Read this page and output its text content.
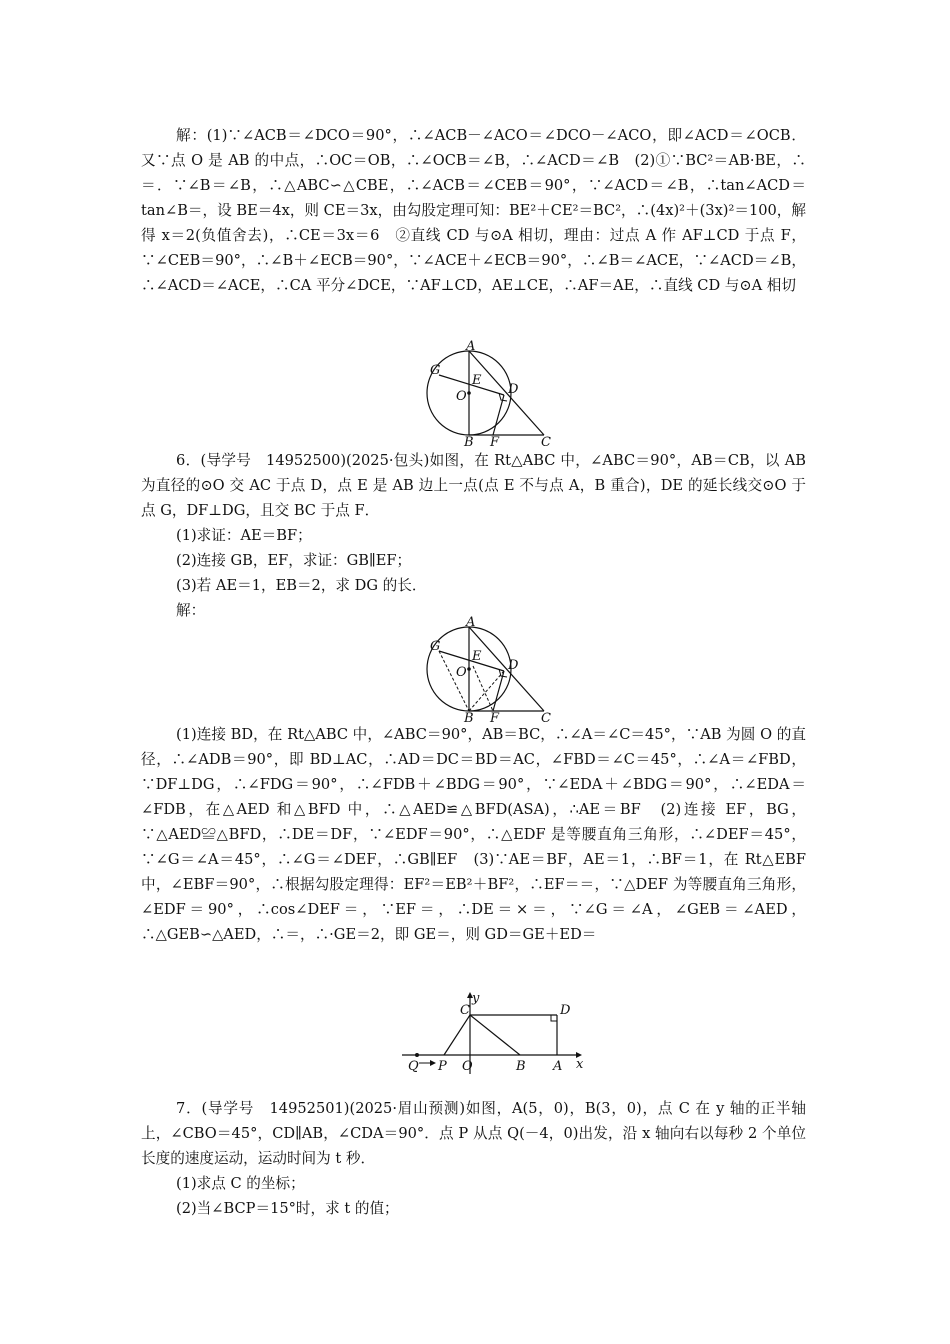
解：(1)∵∠ACB＝∠DCO＝90°，∴∠ACB－∠ACO＝∠DCO－∠ACO，即∠ACD＝∠OCB．又∵点 O 是 AB 的中点，∴OC＝OB，∴∠OCB＝∠B，∴∠ACD＝∠B　(2)①∵BC²＝AB·BE，∴＝．∵∠B＝∠B，∴△ABC∽△CBE，∴∠ACB＝∠CEB＝90°，∵∠ACD＝∠B，∴tan∠ACD＝tan∠B＝，设 BE＝4x，则 CE＝3x，由勾股定理可知：BE²＋CE²＝BC²，∴(4x)²＋(3x)²＝100，解得 x＝2(负值舍去)，∴CE＝3x＝6　②直线 CD 与⊙A 相切，理由：过点 A 作 AF⊥CD 于点 F，∵∠CEB＝90°，∴∠B＋∠ECB＝90°，∵∠ACE＋∠ECB＝90°，∴∠B＝∠ACE，∵∠ACD＝∠B，∴∠ACD＝∠ACE，∴CA 平分∠DCE，∵AF⊥CD，AE⊥CE，∴AF＝AE，∴直线 CD 与⊙A 相切

A
G
E
D
O
B F	C

6．(导学号　14952500)(2025·包头)如图，在 Rt△ABC 中，∠ABC＝90°，AB＝CB，以 AB 为直径的⊙O 交 AC 于点 D，点 E 是 AB 边上一点(点 E 不与点 A，B 重合)，DE 的延长线交⊙O 于点 G，DF⊥DG，且交 BC 于点 F．

(1)求证：AE＝BF；

(2)连接 GB，EF，求证：GB∥EF；

(3)若 AE＝1，EB＝2，求 DG 的长．

解：

A
G
E
D
O
B F	C

(1)连接 BD，在 Rt△ABC 中，∠ABC＝90°，AB＝BC，∴∠A＝∠C＝45°，∵AB 为圆 O 的直径，∴∠ADB＝90°，即 BD⊥AC，∴AD＝DC＝BD＝AC，∠FBD＝∠C＝45°，∴∠A＝∠FBD，∵DF⊥DG，∴∠FDG＝90°，∴∠FDB＋∠BDG＝90°，∵∠EDA＋∠BDG＝90°，∴∠EDA＝∠FDB，在△AED 和△BFD 中，∴△AED≌△BFD(ASA)，∴AE＝BF　(2)连接 EF，BG，∵△AED≌△BFD，∴DE＝DF，∵∠EDF＝90°，∴△EDF 是等腰直角三角形，∴∠DEF＝45°，∵∠G＝∠A＝45°，∴∠G＝∠DEF，∴GB∥EF　(3)∵AE＝BF，AE＝1，∴BF＝1，在 Rt△EBF 中，∠EBF＝90°，∴根据勾股定理得：EF²＝EB²＋BF²，∴EF＝＝，∵△DEF 为等腰直角三角形，∠EDF＝90°，∴cos∠DEF＝，∵EF＝，∴DE＝×＝，∵∠G＝∠A，∠GEB＝∠AED，∴△GEB∽△AED，∴＝，∴·GE＝2，即 GE＝，则 GD＝GE＋ED＝

y
C	D
Q P O	B A x

7．(导学号　14952501)(2025·眉山预测)如图，A(5，0)，B(3，0)，点 C 在 y 轴的正半轴上，∠CBO＝45°，CD∥AB，∠CDA＝90°．点 P 从点 Q(－4，0)出发，沿 x 轴向右以每秒 2 个单位长度的速度运动，运动时间为 t 秒．

(1)求点 C 的坐标；

(2)当∠BCP＝15°时，求 t 的值；
